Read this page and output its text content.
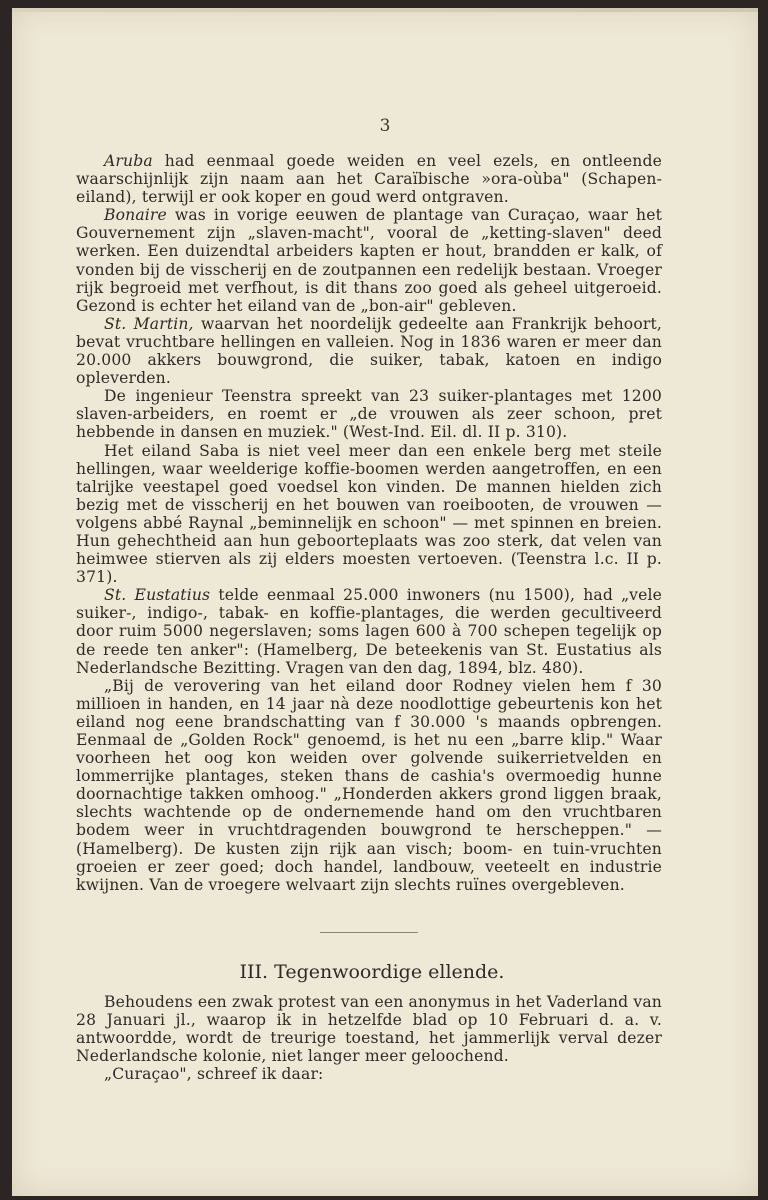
3

Aruba had eenmaal goede weiden en veel ezels, en ontleende waarschijnlijk zijn naam aan het Caraïbische »ora-oùba" (Schapen-eiland), terwijl er ook koper en goud werd ontgraven.

Bonaire was in vorige eeuwen de plantage van Curaçao, waar het Gouvernement zijn „slaven-macht", vooral de „ketting-slaven" deed werken. Een duizendtal arbeiders kapten er hout, brandden er kalk, of vonden bij de visscherij en de zoutpannen een redelijk bestaan. Vroeger rijk begroeid met verfhout, is dit thans zoo goed als geheel uitgeroeid. Gezond is echter het eiland van de „bon-air" gebleven.

St. Martin, waarvan het noordelijk gedeelte aan Frankrijk behoort, bevat vruchtbare hellingen en valleien. Nog in 1836 waren er meer dan 20.000 akkers bouwgrond, die suiker, tabak, katoen en indigo opleverden.

De ingenieur Teenstra spreekt van 23 suiker-plantages met 1200 slaven-arbeiders, en roemt er „de vrouwen als zeer schoon, pret hebbende in dansen en muziek." (West-Ind. Eil. dl. II p. 310).

Het eiland Saba is niet veel meer dan een enkele berg met steile hellingen, waar weelderige koffie-boomen werden aangetroffen, en een talrijke veestapel goed voedsel kon vinden. De mannen hielden zich bezig met de visscherij en het bouwen van roeibooten, de vrouwen — volgens abbé Raynal „beminnelijk en schoon" — met spinnen en breien. Hun gehechtheid aan hun geboorteplaats was zoo sterk, dat velen van heimwee stierven als zij elders moesten vertoeven. (Teenstra l.c. II p. 371).

St. Eustatius telde eenmaal 25.000 inwoners (nu 1500), had „vele suiker-, indigo-, tabak- en koffie-plantages, die werden gecultiveerd door ruim 5000 negerslaven; soms lagen 600 à 700 schepen tegelijk op de reede ten anker": (Hamelberg, De beteekenis van St. Eustatius als Nederlandsche Bezitting. Vragen van den dag, 1894, blz. 480).

„Bij de verovering van het eiland door Rodney vielen hem f 30 millioen in handen, en 14 jaar nà deze noodlottige gebeurtenis kon het eiland nog eene brandschatting van f 30.000 's maands opbrengen. Eenmaal de „Golden Rock" genoemd, is het nu een „barre klip." Waar voorheen het oog kon weiden over golvende suikerrietvelden en lommerrijke plantages, steken thans de cashia's overmoedig hunne doornachtige takken omhoog." „Honderden akkers grond liggen braak, slechts wachtende op de ondernemende hand om den vruchtbaren bodem weer in vruchtdragenden bouwgrond te herscheppen." — (Hamelberg). De kusten zijn rijk aan visch; boom- en tuin-vruchten groeien er zeer goed; doch handel, landbouw, veeteelt en industrie kwijnen. Van de vroegere welvaart zijn slechts ruïnes overgebleven.

III. Tegenwoordige ellende.

Behoudens een zwak protest van een anonymus in het Vaderland van 28 Januari jl., waarop ik in hetzelfde blad op 10 Februari d. a. v. antwoordde, wordt de treurige toestand, het jammerlijk verval dezer Nederlandsche kolonie, niet langer meer geloochend.

„Curaçao", schreef ik daar:
